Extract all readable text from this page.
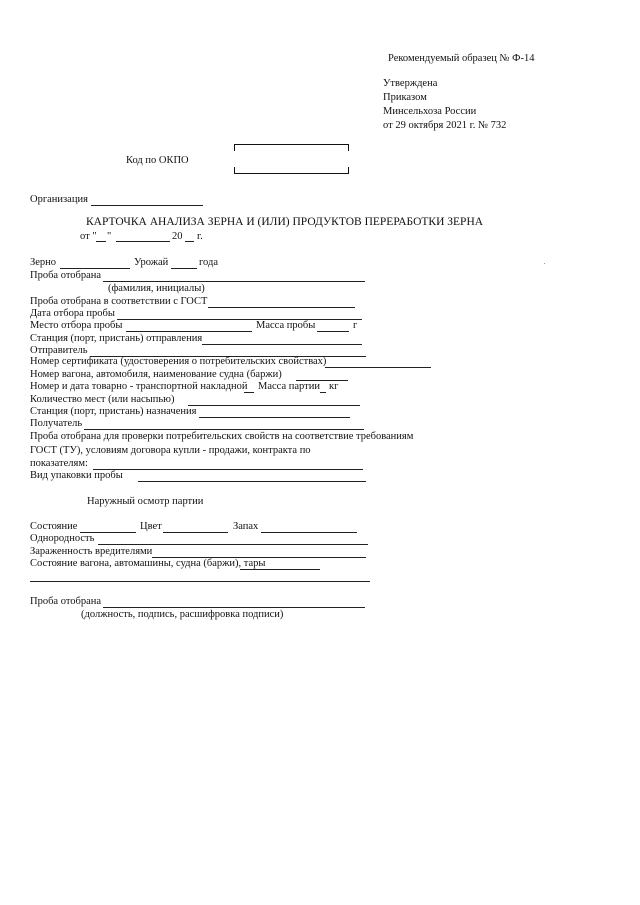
Рекомендуемый образец № Ф-14
Утверждена
Приказом
Минсельхоза России
от 29 октября 2021 г. № 732
Код по ОКПО
Организация
КАРТОЧКА АНАЛИЗА ЗЕРНА И (ИЛИ) ПРОДУКТОВ ПЕРЕРАБОТКИ ЗЕРНА
от " "	20 г.
Зерно	Урожай	года
Проба отобрана
(фамилия, инициалы)
Проба отобрана в соответствии с ГОСТ
Дата отбора пробы
Место отбора пробы	Масса пробы	г
Станция (порт, пристань) отправления
Отправитель
Номер сертификата (удостоверения о потребительских свойствах)
Номер вагона, автомобиля, наименование судна (баржи)
Номер и дата товарно - транспортной накладной Масса партии кг
Количество мест (или насыпью)
Станция (порт, пристань) назначения
Получатель
Проба отобрана для проверки потребительских свойств на соответствие требованиям
ГОСТ (ТУ), условиям договора купли - продажи, контракта по
показателям:
Вид упаковки пробы
Наружный осмотр партии
Состояние	Цвет	Запах
Однородность
Зараженность вредителями
Состояние вагона, автомашины, судна (баржи), тары
Проба отобрана
(должность, подпись, расшифровка подписи)
